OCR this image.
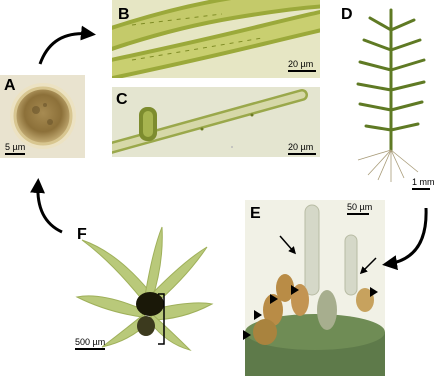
A
5 µm
B
20 µm
C
20 µm
D
1 mm
E	50 µm
F
500 µm
